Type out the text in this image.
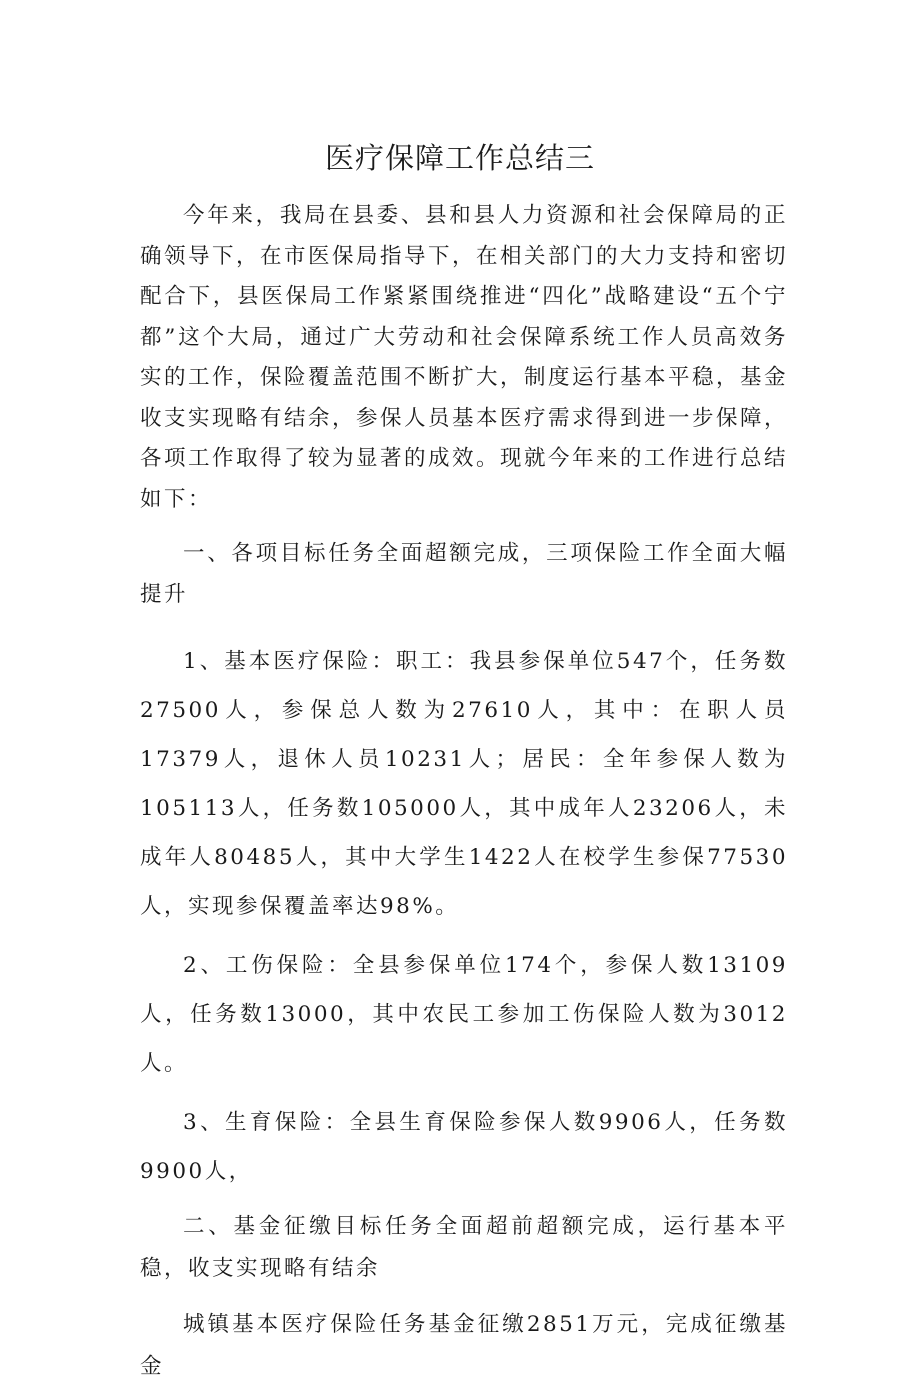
医疗保障工作总结三

今年来，我局在县委、县和县人力资源和社会保障局的正确领导下，在市医保局指导下，在相关部门的大力支持和密切配合下，县医保局工作紧紧围绕推进“四化”战略建设“五个宁都”这个大局，通过广大劳动和社会保障系统工作人员高效务实的工作，保险覆盖范围不断扩大，制度运行基本平稳，基金收支实现略有结余，参保人员基本医疗需求得到进一步保障，各项工作取得了较为显著的成效。现就今年来的工作进行总结如下：

一、各项目标任务全面超额完成，三项保险工作全面大幅提升

1、基本医疗保险：职工：我县参保单位547个，任务数27500人，参保总人数为27610人，其中：在职人员17379人，退休人员10231人；居民：全年参保人数为105113人，任务数105000人，其中成年人23206人，未成年人80485人，其中大学生1422人在校学生参保77530人，实现参保覆盖率达98%。

2、工伤保险：全县参保单位174个，参保人数13109人，任务数13000，其中农民工参加工伤保险人数为3012人。

3、生育保险：全县生育保险参保人数9906人，任务数9900人，

二、基金征缴目标任务全面超前超额完成，运行基本平稳，收支实现略有结余

城镇基本医疗保险任务基金征缴2851万元，完成征缴基金
